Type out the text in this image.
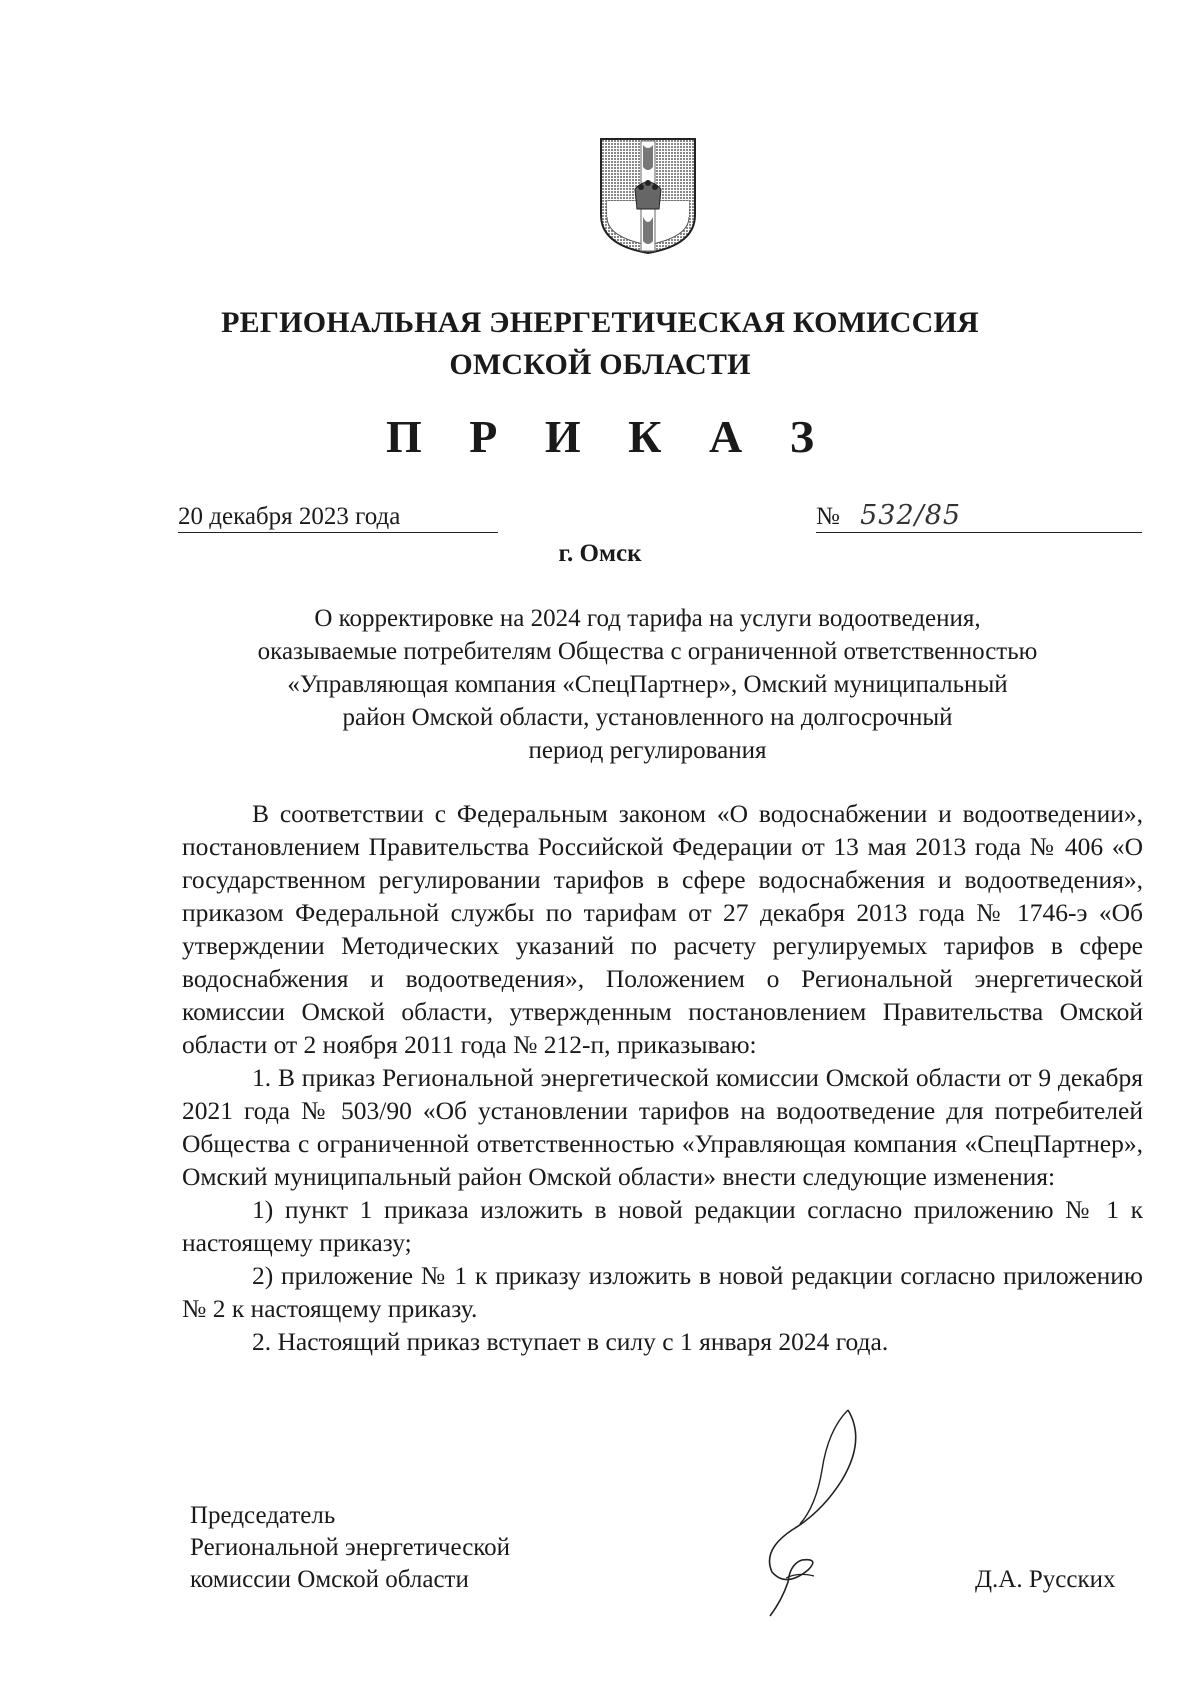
РЕГИОНАЛЬНАЯ ЭНЕРГЕТИЧЕСКАЯ КОМИССИЯ
ОМСКОЙ ОБЛАСТИ
П Р И К А З
20 декабря 2023 года	№ 532/85
г. Омск
О корректировке на 2024 год тарифа на услуги водоотведения,
оказываемые потребителям Общества с ограниченной ответственностью
«Управляющая компания «СпецПартнер», Омский муниципальный
район Омской области, установленного на долгосрочный
период регулирования

В соответствии с Федеральным законом «О водоснабжении и водоотведении», постановлением Правительства Российской Федерации от 13 мая 2013 года № 406 «О государственном регулировании тарифов в сфере водоснабжения и водоотведения», приказом Федеральной службы по тарифам от 27 декабря 2013 года № 1746-э «Об утверждении Методических указаний по расчету регулируемых тарифов в сфере водоснабжения и водоотведения», Положением о Региональной энергетической комиссии Омской области, утвержденным постановлением Правительства Омской области от 2 ноября 2011 года № 212-п, приказываю:

1. В приказ Региональной энергетической комиссии Омской области от 9 декабря 2021 года № 503/90 «Об установлении тарифов на водоотведение для потребителей Общества с ограниченной ответственностью «Управляющая компания «СпецПартнер», Омский муниципальный район Омской области» внести следующие изменения:

1) пункт 1 приказа изложить в новой редакции согласно приложению № 1 к настоящему приказу;

2) приложение № 1 к приказу изложить в новой редакции согласно приложению № 2 к настоящему приказу.

2. Настоящий приказ вступает в силу с 1 января 2024 года.

Председатель
Региональной энергетической
комиссии Омской области	Д.А. Русских
